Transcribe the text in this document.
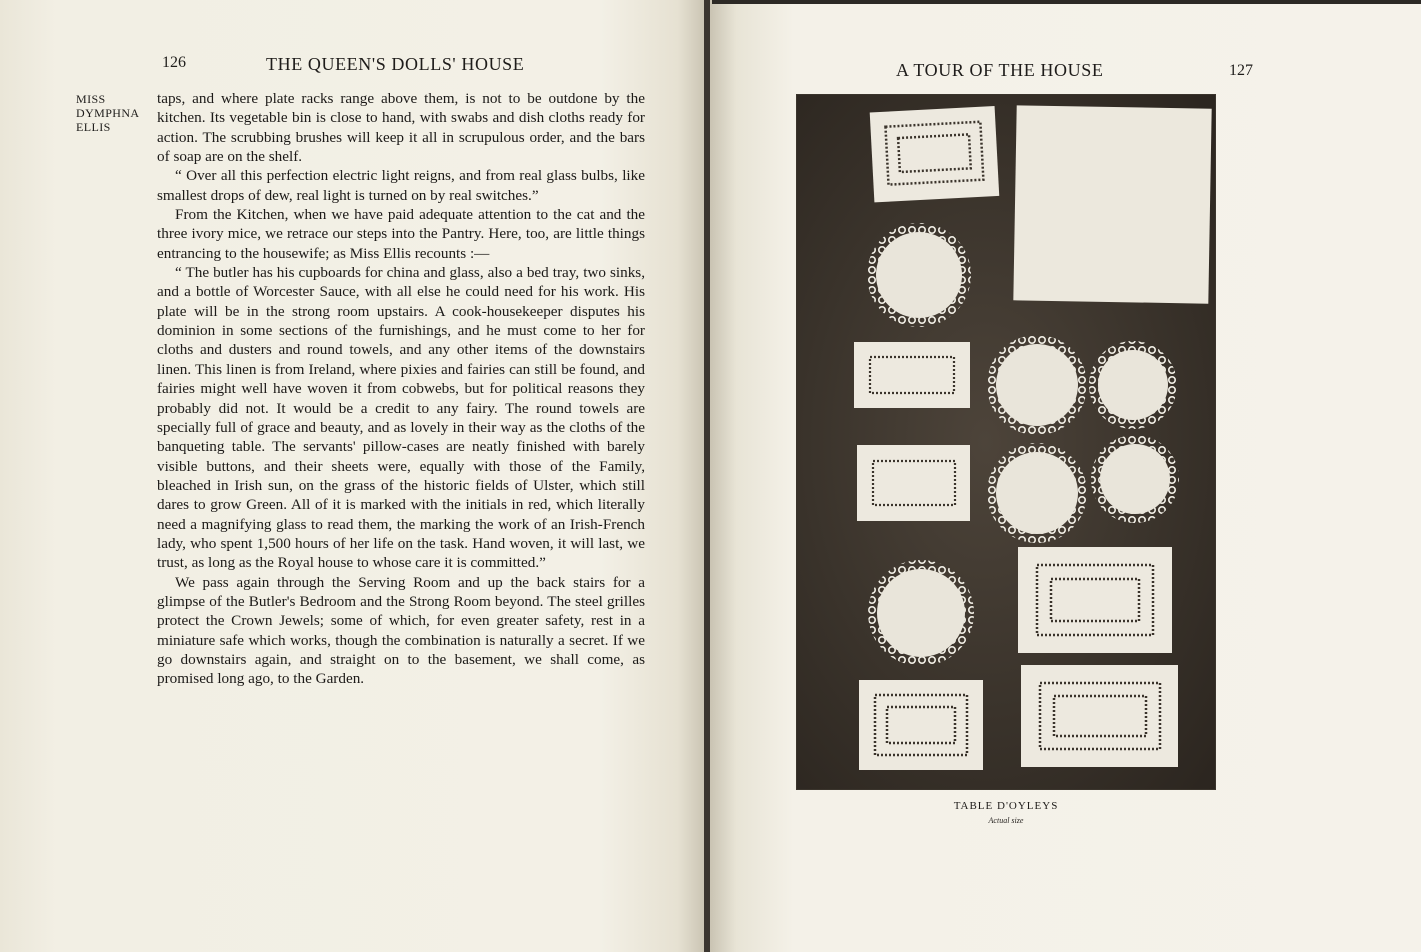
126	THE QUEEN'S DOLLS' HOUSE
MISS
DYMPHNA
ELLIS

taps, and where plate racks range above them, is not to be outdone by the kitchen. Its vegetable bin is close to hand, with swabs and dish cloths ready for action. The scrubbing brushes will keep it all in scrupulous order, and the bars of soap are on the shelf.

“ Over all this perfection electric light reigns, and from real glass bulbs, like smallest drops of dew, real light is turned on by real switches.”

From the Kitchen, when we have paid adequate attention to the cat and the three ivory mice, we retrace our steps into the Pantry. Here, too, are little things entrancing to the housewife; as Miss Ellis recounts :—

“ The butler has his cupboards for china and glass, also a bed tray, two sinks, and a bottle of Worcester Sauce, with all else he could need for his work. His plate will be in the strong room upstairs. A cook-housekeeper disputes his dominion in some sections of the furnishings, and he must come to her for cloths and dusters and round towels, and any other items of the downstairs linen. This linen is from Ireland, where pixies and fairies can still be found, and fairies might well have woven it from cobwebs, but for political reasons they probably did not. It would be a credit to any fairy. The round towels are specially full of grace and beauty, and as lovely in their way as the cloths of the banqueting table. The servants' pillow-cases are neatly finished with barely visible buttons, and their sheets were, equally with those of the Family, bleached in Irish sun, on the grass of the historic fields of Ulster, which still dares to grow Green. All of it is marked with the initials in red, which literally need a magnifying glass to read them, the marking the work of an Irish-French lady, who spent 1,500 hours of her life on the task. Hand woven, it will last, we trust, as long as the Royal house to whose care it is committed.”

We pass again through the Serving Room and up the back stairs for a glimpse of the Butler's Bedroom and the Strong Room beyond. The steel grilles protect the Crown Jewels; some of which, for even greater safety, rest in a miniature safe which works, though the combination is naturally a secret. If we go downstairs again, and straight on to the basement, we shall come, as promised long ago, to the Garden.

A TOUR OF THE HOUSE	127
TABLE D'OYLEYS
Actual size
